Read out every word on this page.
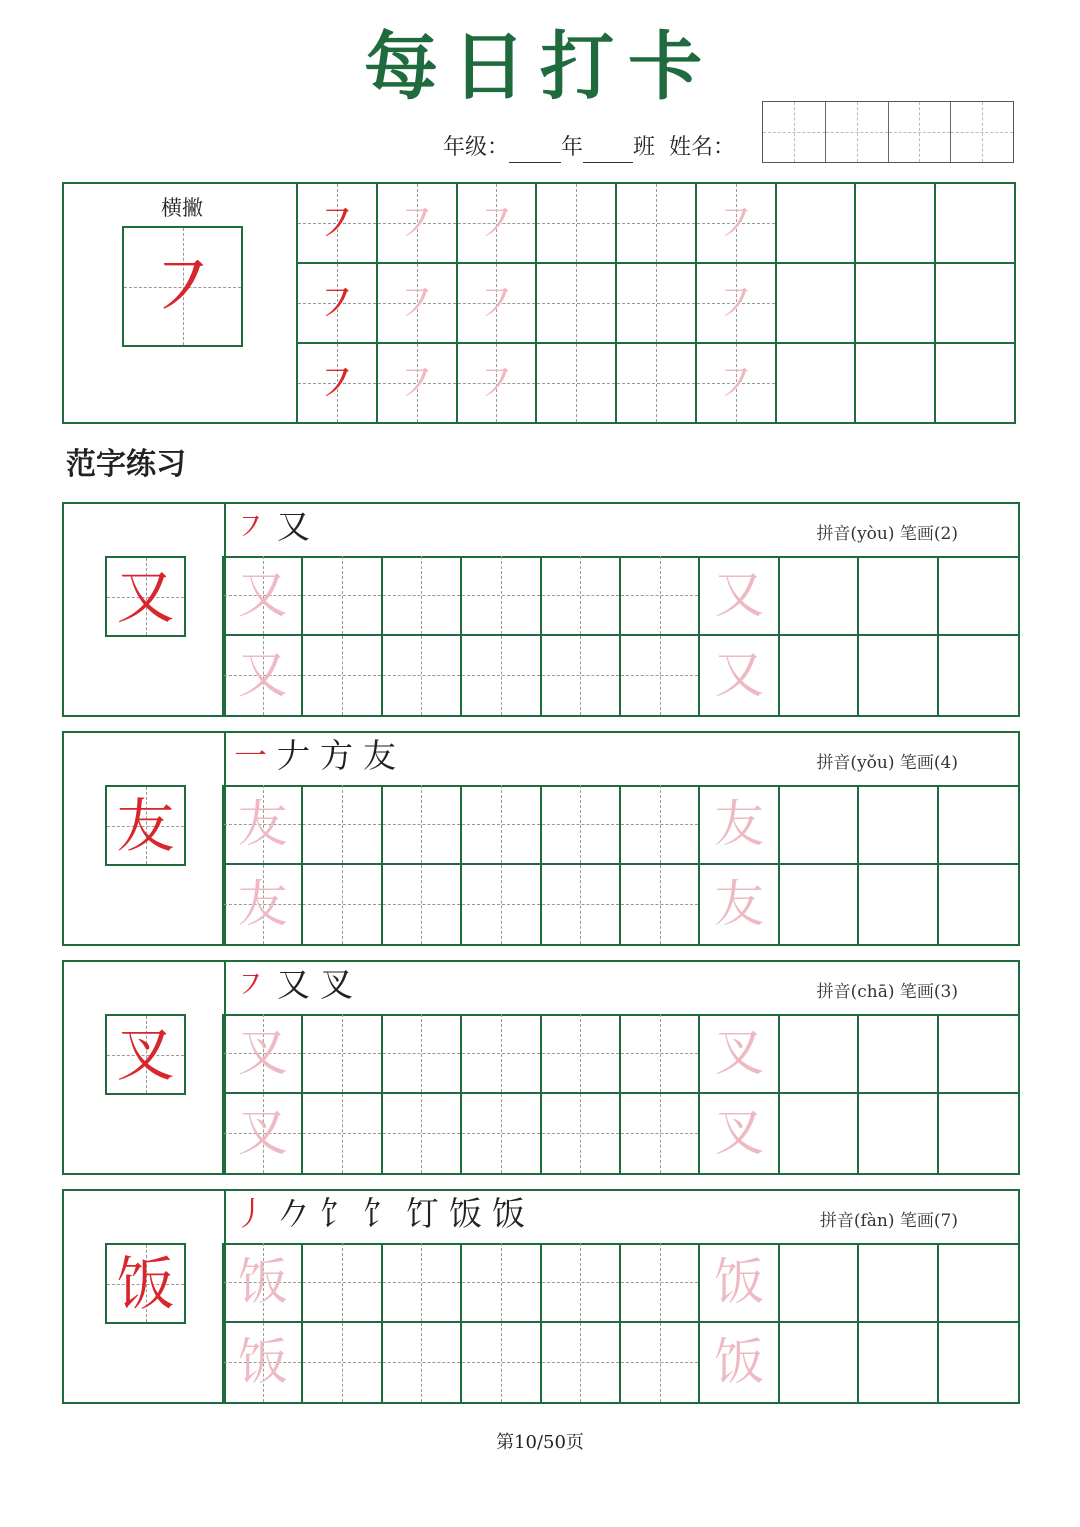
每日打卡
年级： 年 班 姓名：
横撇
㇇
㇇ ㇇ ㇇	㇇
㇇ ㇇ ㇇	㇇
㇇ ㇇ ㇇	㇇
范字练习
又
㇇ 又	拼音(yòu) 笔画(2)
又	又
又	又
友
一 𠂇 方 友	拼音(yǒu) 笔画(4)
友	友
友	友
叉
㇇ 又 叉	拼音(chā) 笔画(3)
叉	叉
叉	叉
饭
丿 𠂊 饣 饣 饤 饭 饭	拼音(fàn) 笔画(7)
饭	饭
饭	饭
第10/50页
